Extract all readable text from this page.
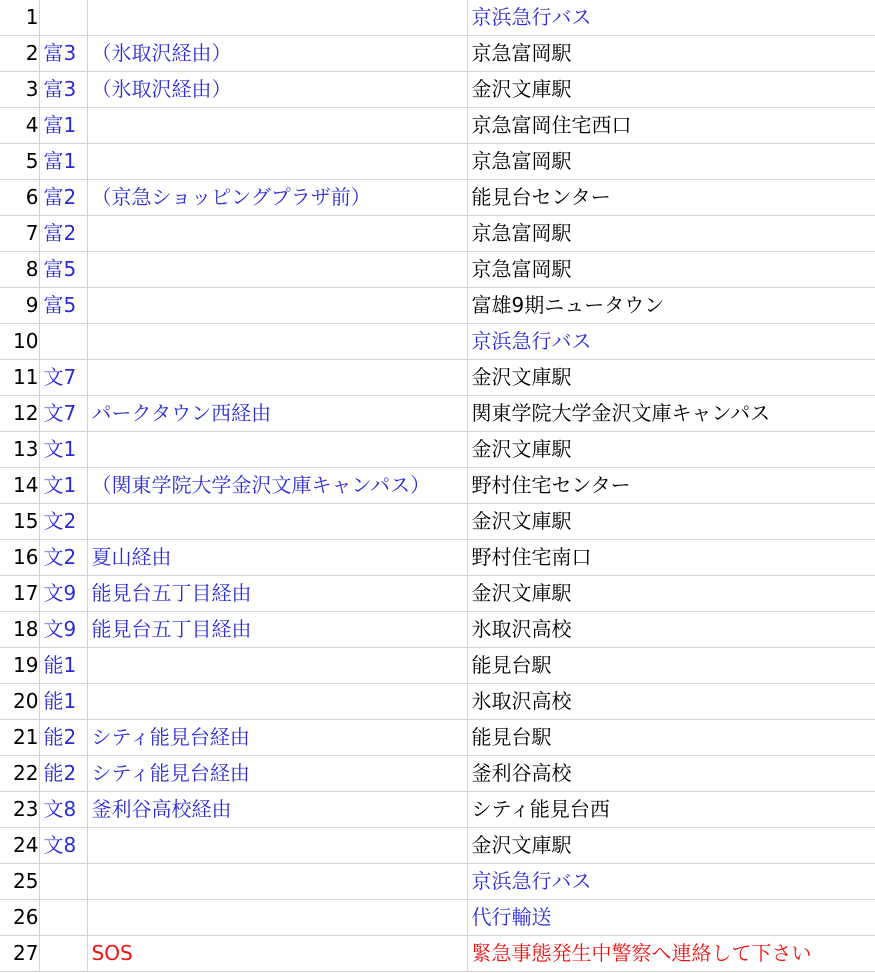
1			京浜急行バス
2	富3	（氷取沢経由）	京急富岡駅
3	富3	（氷取沢経由）	金沢文庫駅
4	富1		京急富岡住宅西口
5	富1		京急富岡駅
6	富2	（京急ショッピングプラザ前）	能見台センター
7	富2		京急富岡駅
8	富5		京急富岡駅
9	富5		富雄9期ニュータウン
10			京浜急行バス
11	文7		金沢文庫駅
12	文7	パークタウン西経由	関東学院大学金沢文庫キャンパス
13	文1		金沢文庫駅
14	文1	（関東学院大学金沢文庫キャンパス）	野村住宅センター
15	文2		金沢文庫駅
16	文2	夏山経由	野村住宅南口
17	文9	能見台五丁目経由	金沢文庫駅
18	文9	能見台五丁目経由	氷取沢高校
19	能1		能見台駅
20	能1		氷取沢高校
21	能2	シティ能見台経由	能見台駅
22	能2	シティ能見台経由	釜利谷高校
23	文8	釜利谷高校経由	シティ能見台西
24	文8		金沢文庫駅
25			京浜急行バス
26			代行輸送
27		SOS	緊急事態発生中警察へ連絡して下さい
